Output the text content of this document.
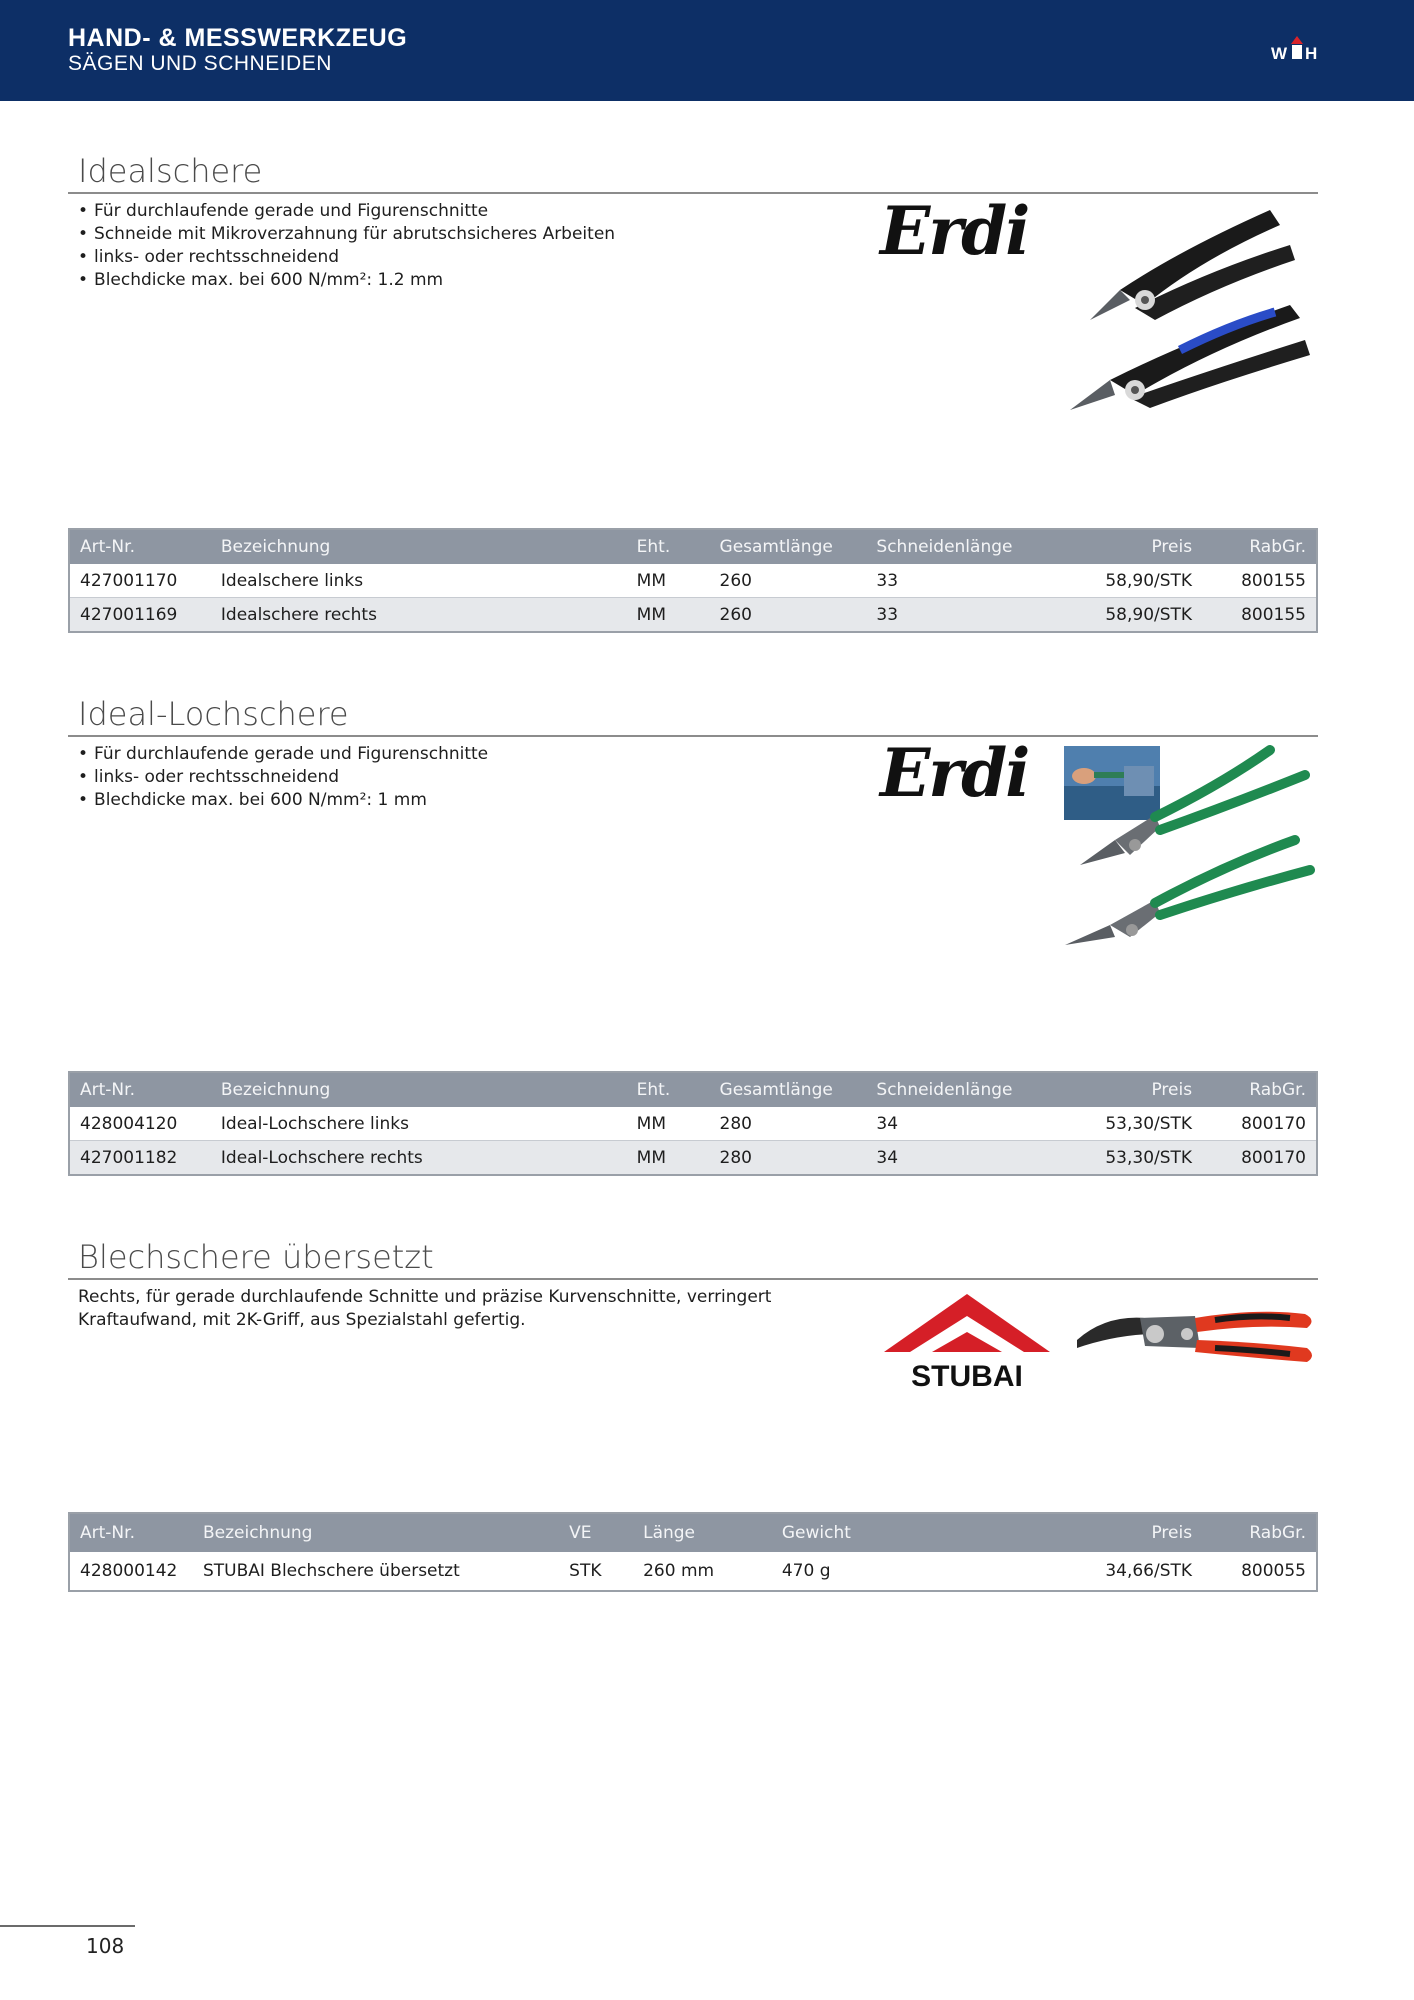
HAND- & MESSWERKZEUG
SÄGEN UND SCHNEIDEN	W H
Idealschere
• Für durchlaufende gerade und Figurenschnitte
• Schneide mit Mikroverzahnung für abrutschsicheres Arbeiten
• links- oder rechtsschneidend
• Blechdicke max. bei 600 N/mm²: 1.2 mm
Erdi
Art-Nr.	Bezeichnung	Eht.	Gesamtlänge	Schneidenlänge	Preis	RabGr.
427001170	Idealschere links	MM	260	33	58,90/STK	800155
427001169	Idealschere rechts	MM	260	33	58,90/STK	800155
Ideal-Lochschere
• Für durchlaufende gerade und Figurenschnitte
• links- oder rechtsschneidend
• Blechdicke max. bei 600 N/mm²: 1 mm	Erdi
Art-Nr.	Bezeichnung	Eht.	Gesamtlänge	Schneidenlänge	Preis	RabGr.
428004120	Ideal-Lochschere links	MM	280	34	53,30/STK	800170
427001182	Ideal-Lochschere rechts	MM	280	34	53,30/STK	800170
Blechschere übersetzt
Rechts, für gerade durchlaufende Schnitte und präzise Kurvenschnitte, verringert Kraftaufwand, mit 2K-Griff, aus Spezialstahl gefertig.
STUBAI
Art-Nr.	Bezeichnung	VE	Länge	Gewicht	Preis	RabGr.
428000142	STUBAI Blechschere übersetzt	STK	260 mm	470 g	34,66/STK	800055
108
